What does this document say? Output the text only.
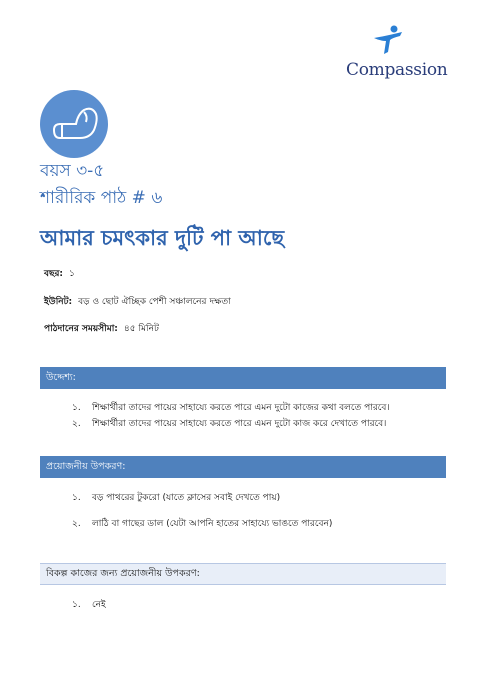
Compassion
বয়স ৩-৫
শারীরিক পাঠ # ৬
আমার চমৎকার দুটি পা আছে
বছর: ১
ইউনিট: বড় ও ছোট ঐচ্ছিক পেশী সঞ্চালনের দক্ষতা
পাঠদানের সময়সীমা: ৪৫ মিনিট
উদ্দেশ্য:
১. শিক্ষার্থীরা তাদের পায়ের সাহায্যে করতে পারে এমন দুটো কাজের কথা বলতে পারবে।
২. শিক্ষার্থীরা তাদের পায়ের সাহায্যে করতে পারে এমন দুটো কাজ করে দেখাতে পারবে।
প্রয়োজনীয় উপকরণ:
১. বড় পাথরের টুকরো (যাতে ক্লাসের সবাই দেখতে পায়)
২. লাঠি বা গাছের ডাল (যেটা আপনি হাতের সাহায্যে ভাঙতে পারবেন)
বিকল্প কাজের জন্য প্রয়োজনীয় উপকরণ:
১. নেই
